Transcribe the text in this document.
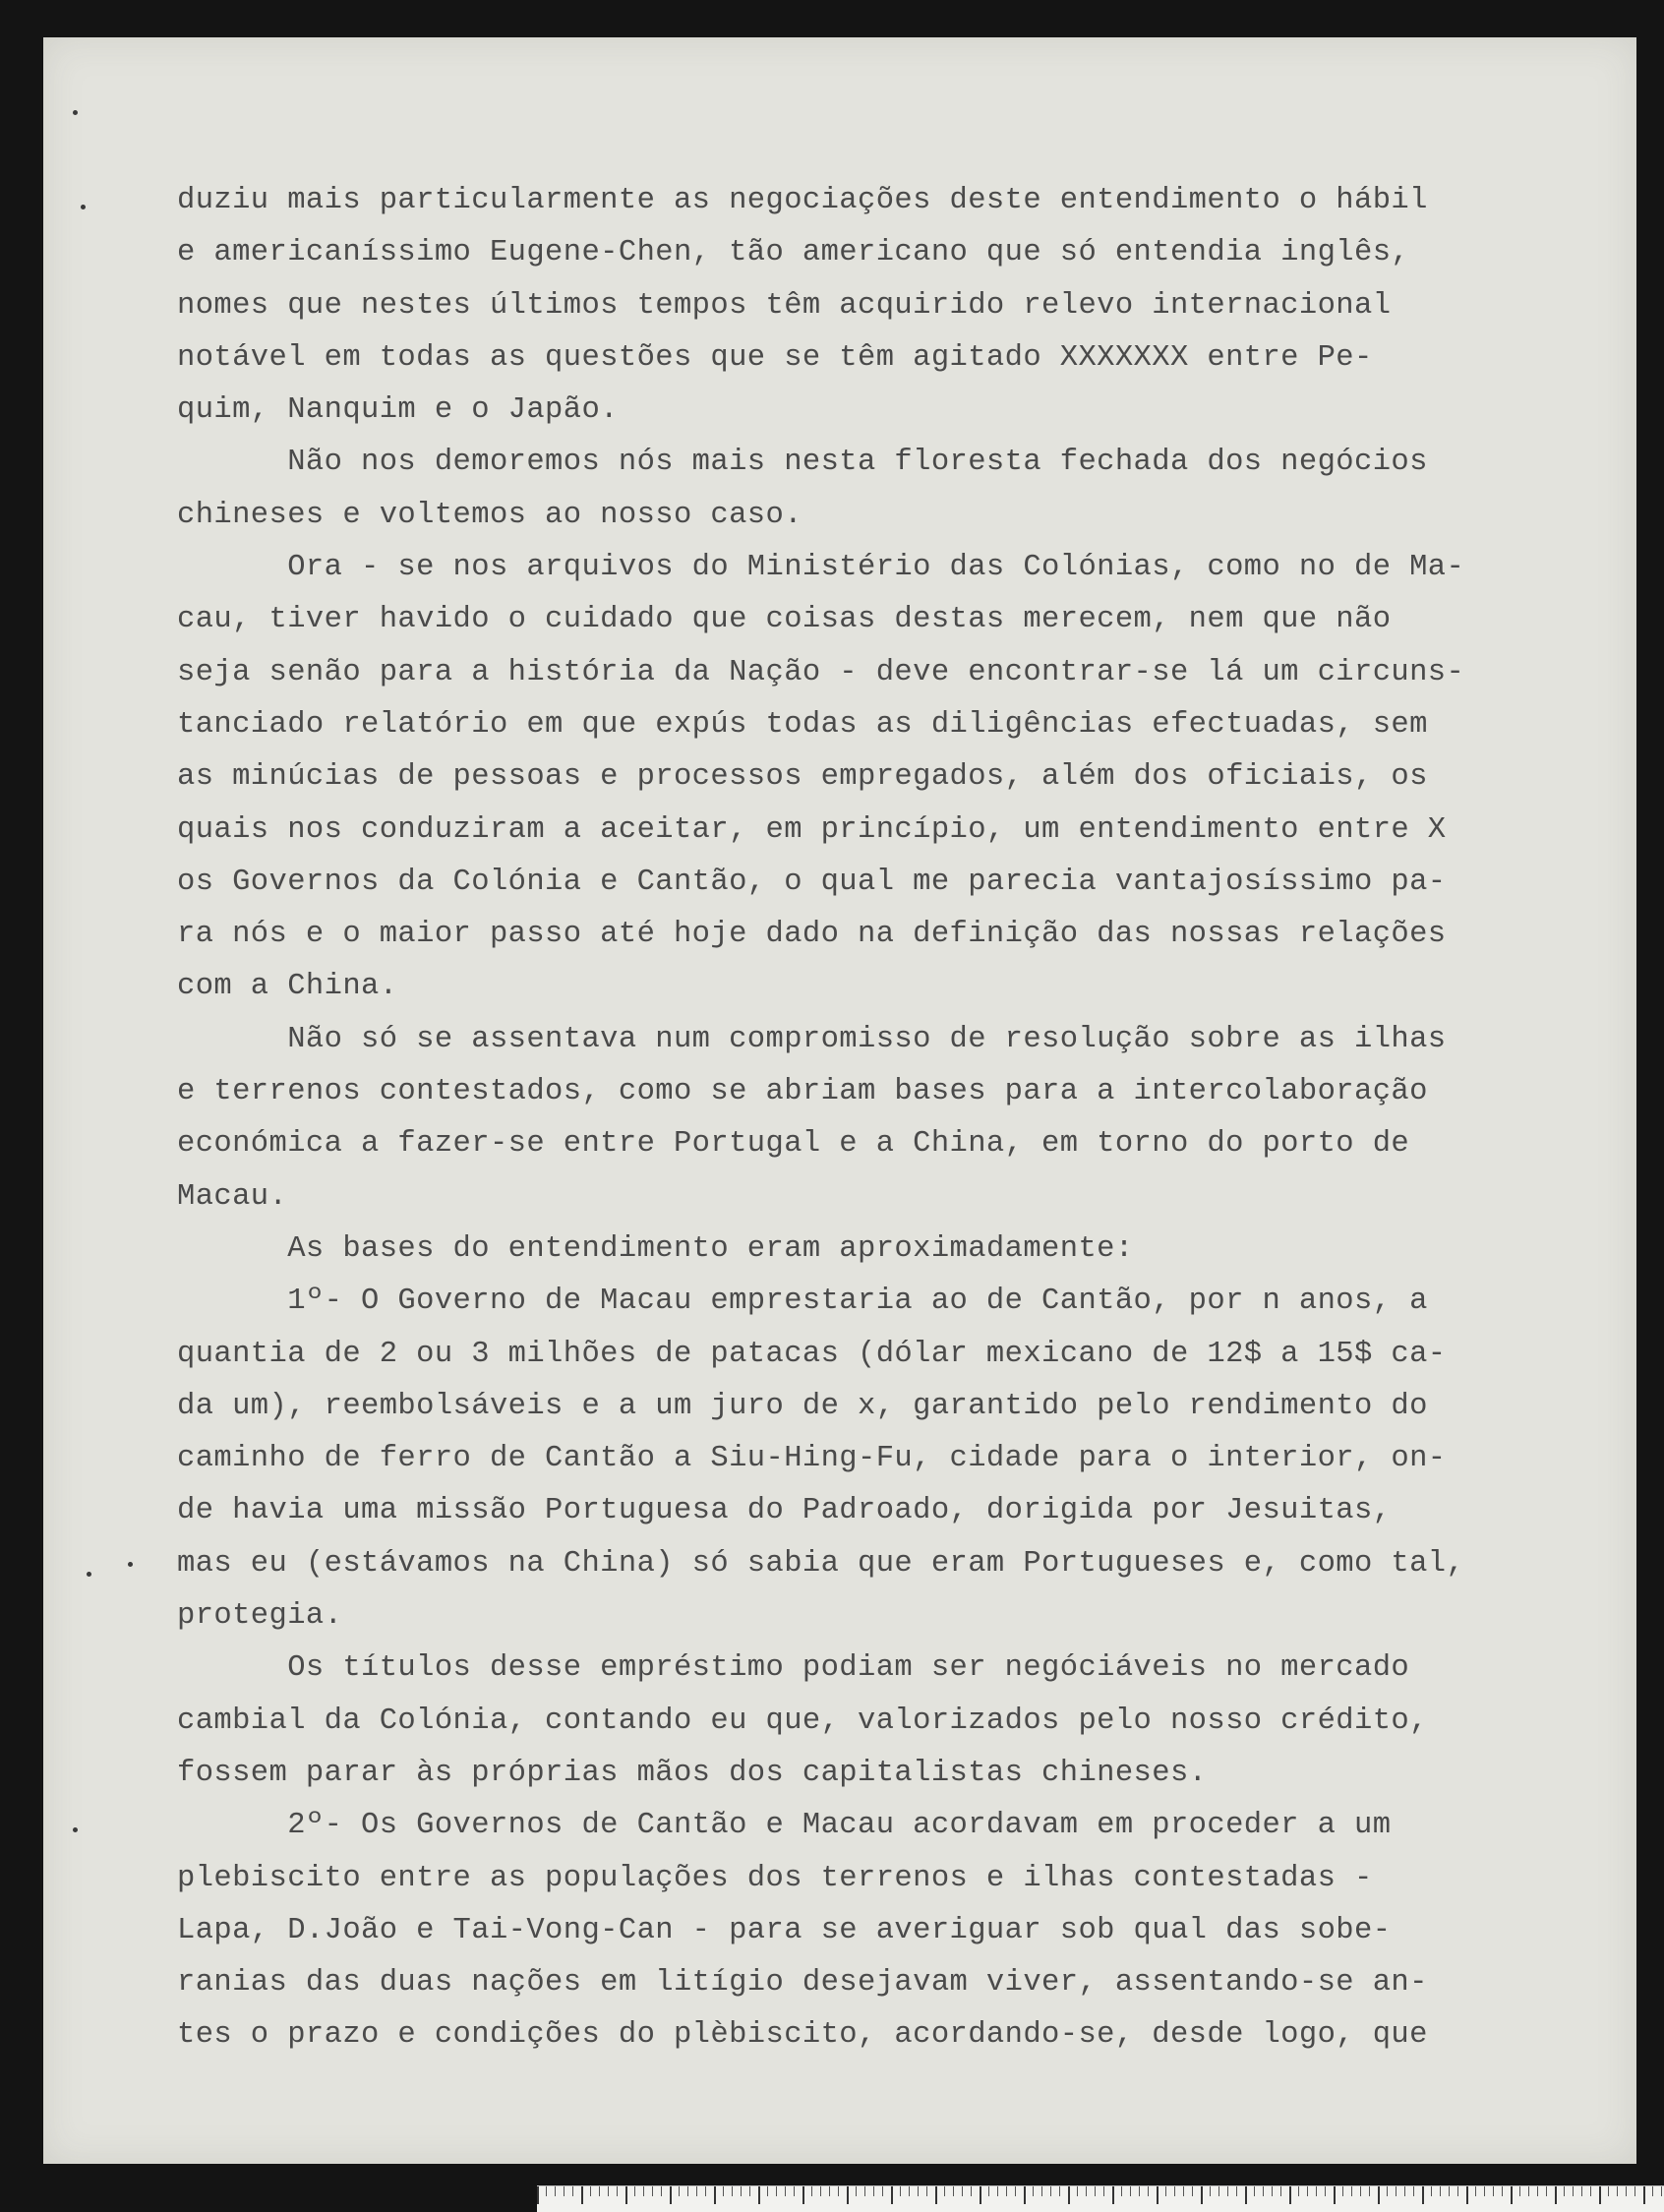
duziu mais particularmente as negociações deste entendimento o hábil
e americaníssimo Eugene-Chen, tão americano que só entendia inglês,
nomes que nestes últimos tempos têm acquirido relevo internacional
notável em todas as questões que se têm agitado XXXXXXX entre Pe-
quim, Nanquim e o Japão.
Não nos demoremos nós mais nesta floresta fechada dos negócios
chineses e voltemos ao nosso caso.
Ora - se nos arquivos do Ministério das Colónias, como no de Ma-
cau, tiver havido o cuidado que coisas destas merecem, nem que não
seja senão para a história da Nação - deve encontrar-se lá um circuns-
tanciado relatório em que expús todas as diligências efectuadas, sem
as minúcias de pessoas e processos empregados, além dos oficiais, os
quais nos conduziram a aceitar, em princípio, um entendimento entre X
os Governos da Colónia e Cantão, o qual me parecia vantajosíssimo pa-
ra nós e o maior passo até hoje dado na definição das nossas relações
com a China.
Não só se assentava num compromisso de resolução sobre as ilhas
e terrenos contestados, como se abriam bases para a intercolaboração
económica a fazer-se entre Portugal e a China, em torno do porto de
Macau.
As bases do entendimento eram aproximadamente:
1º- O Governo de Macau emprestaria ao de Cantão, por n anos, a
quantia de 2 ou 3 milhões de patacas (dólar mexicano de 12$ a 15$ ca-
da um), reembolsáveis e a um juro de x, garantido pelo rendimento do
caminho de ferro de Cantão a Siu-Hing-Fu, cidade para o interior, on-
de havia uma missão Portuguesa do Padroado, dorigida por Jesuitas,
mas eu (estávamos na China) só sabia que eram Portugueses e, como tal,
protegia.
Os títulos desse empréstimo podiam ser negóciáveis no mercado
cambial da Colónia, contando eu que, valorizados pelo nosso crédito,
fossem parar às próprias mãos dos capitalistas chineses.
2º- Os Governos de Cantão e Macau acordavam em proceder a um
plebiscito entre as populações dos terrenos e ilhas contestadas -
Lapa, D.João e Tai-Vong-Can - para se averiguar sob qual das sobe-
ranias das duas nações em litígio desejavam viver, assentando-se an-
tes o prazo e condições do plèbiscito, acordando-se, desde logo, que
